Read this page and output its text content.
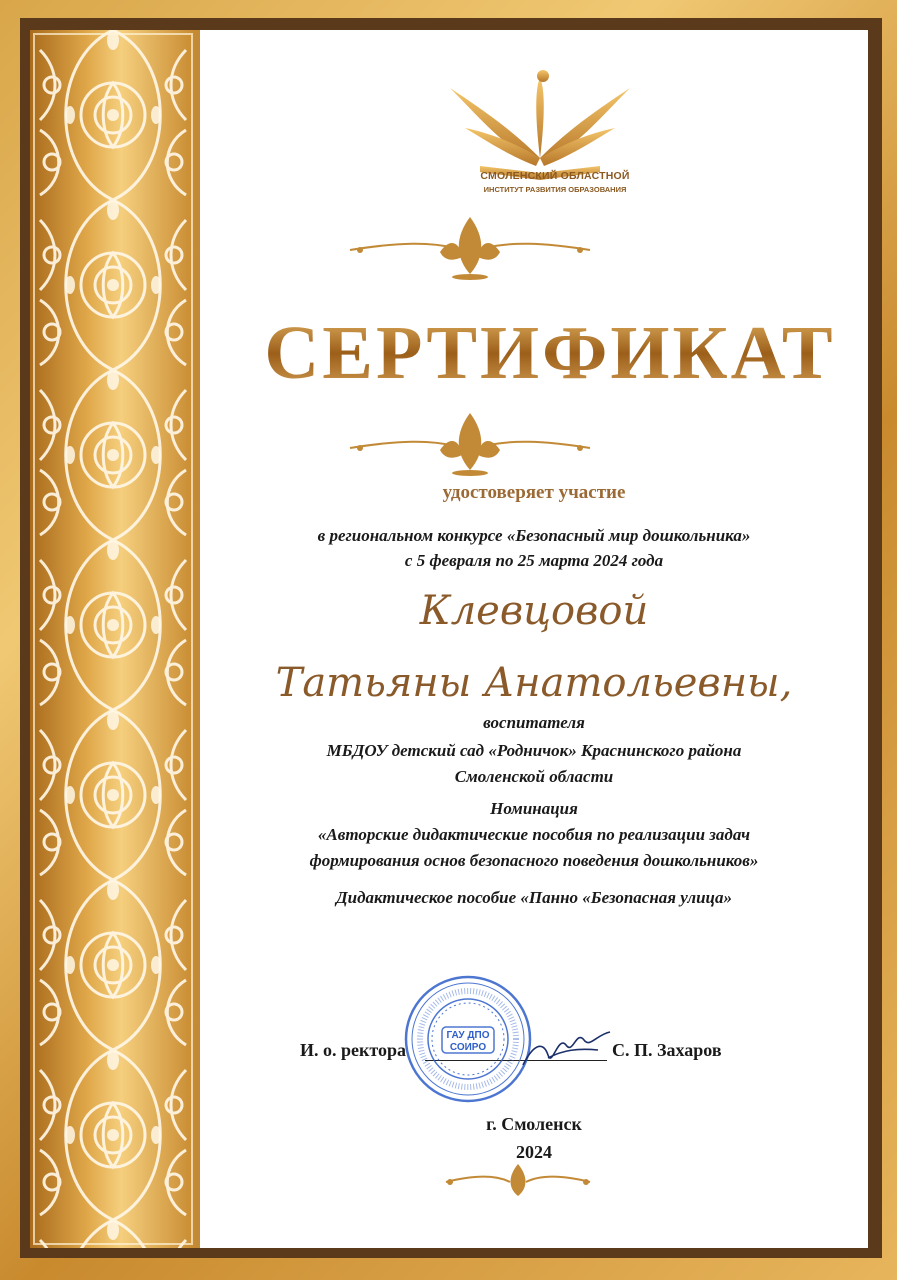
СМОЛЕНСКИЙ ОБЛАСТНОЙ
ИНСТИТУТ РАЗВИТИЯ ОБРАЗОВАНИЯ
СЕРТИФИКАТ
удостоверяет участие
в региональном конкурсе «Безопасный мир дошкольника»
с 5 февраля по 25 марта 2024 года
Клевцовой
Татьяны Анатольевны,
воспитателя
МБДОУ детский сад «Родничок» Краснинского района
Смоленской области
Номинация
«Авторские дидактические пособия по реализации задач
формирования основ безопасного поведения дошкольников»
Дидактическое пособие «Панно «Безопасная улица»
И. о. ректора	С. П. Захаров
ГАУ ДПО
СОИРО
г. Смоленск
2024
